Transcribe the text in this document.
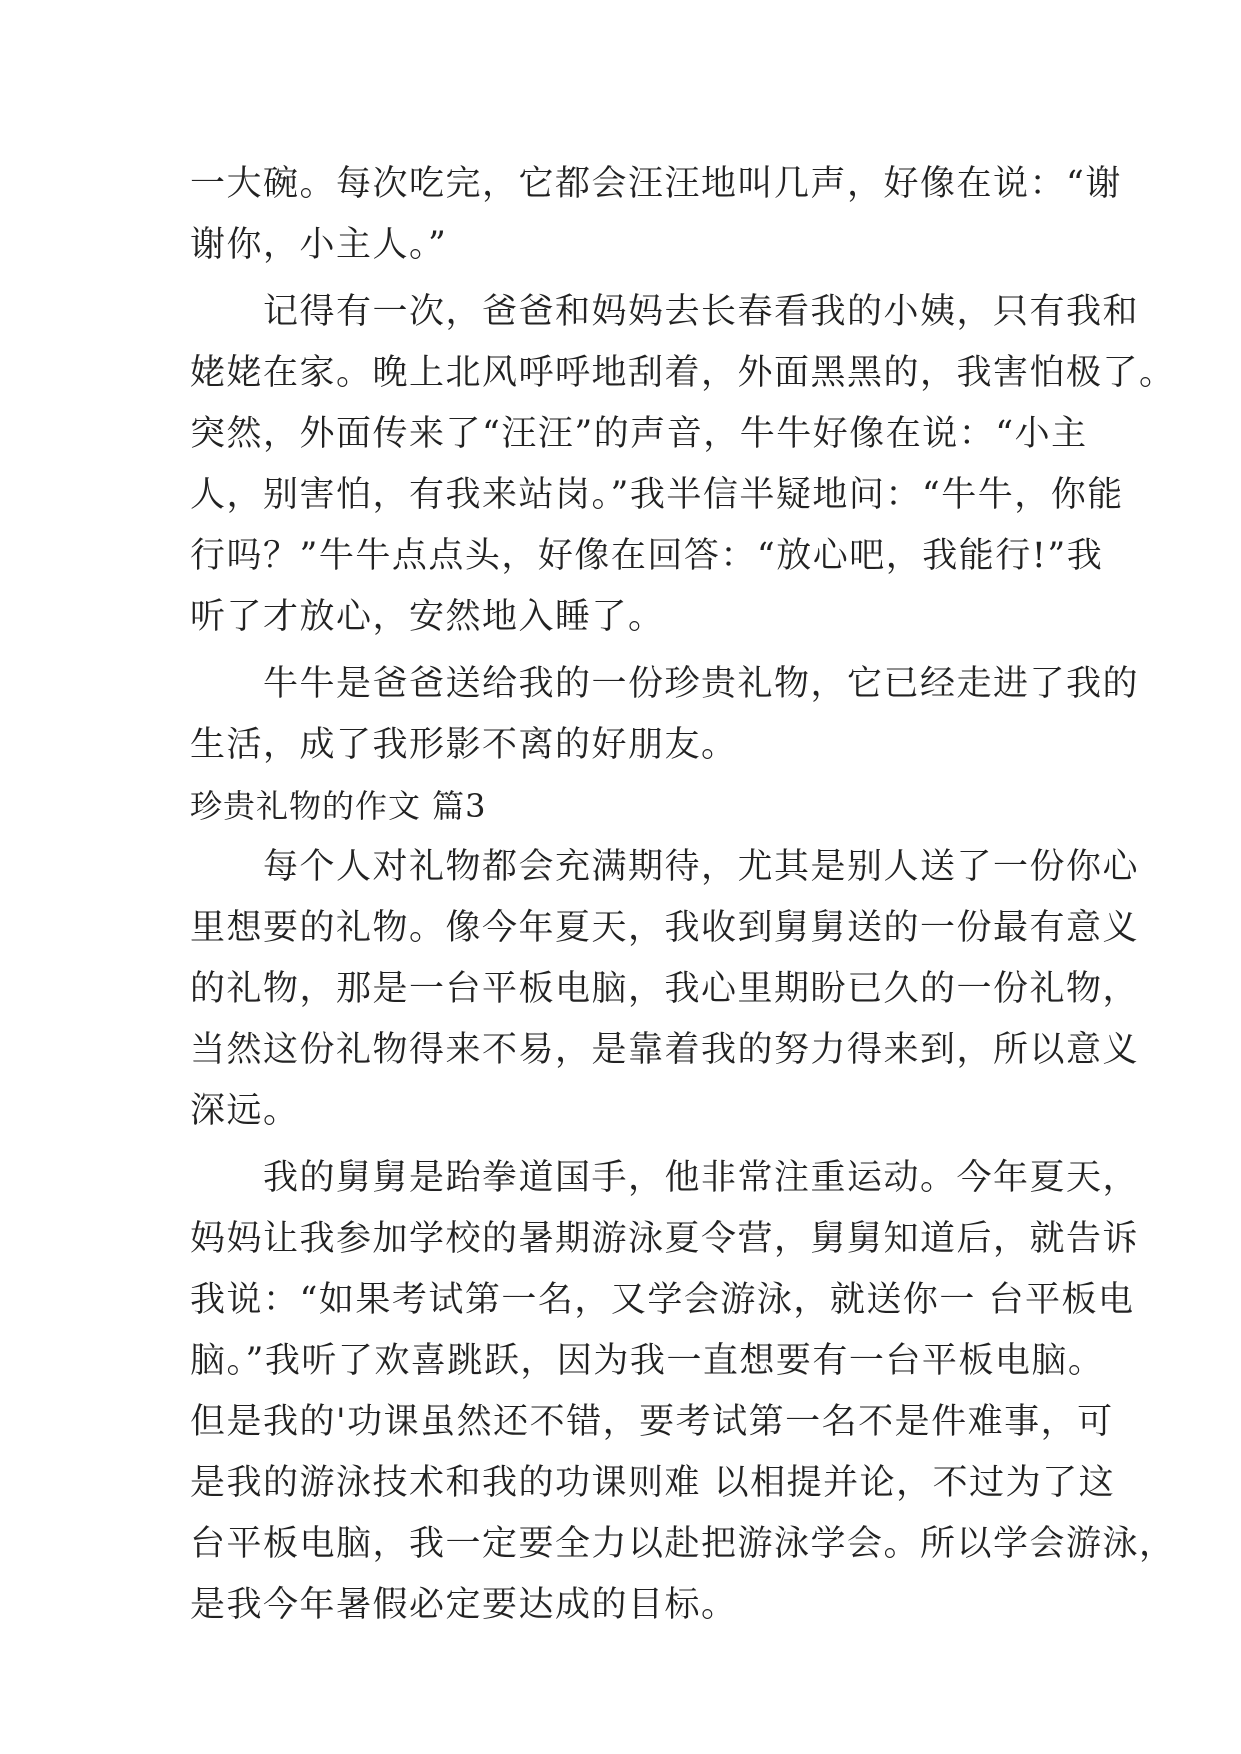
一大碗。每次吃完，它都会汪汪地叫几声，好像在说：“谢
谢你，小主人。”
　　记得有一次，爸爸和妈妈去长春看我的小姨，只有我和
姥姥在家。晚上北风呼呼地刮着，外面黑黑的，我害怕极了。
突然，外面传来了“汪汪”的声音，牛牛好像在说：“小主
人，别害怕，有我来站岗。”我半信半疑地问：“牛牛，你能
行吗？”牛牛点点头，好像在回答：“放心吧，我能行!”我
听了才放心，安然地入睡了。
　　牛牛是爸爸送给我的一份珍贵礼物，它已经走进了我的
生活，成了我形影不离的好朋友。
珍贵礼物的作文 篇3
　　每个人对礼物都会充满期待，尤其是别人送了一份你心
里想要的礼物。像今年夏天，我收到舅舅送的一份最有意义
的礼物，那是一台平板电脑，我心里期盼已久的一份礼物，
当然这份礼物得来不易，是靠着我的努力得来到，所以意义
深远。
　　我的舅舅是跆拳道国手，他非常注重运动。今年夏天，
妈妈让我参加学校的暑期游泳夏令营，舅舅知道后，就告诉
我说：“如果考试第一名，又学会游泳，就送你一 台平板电
脑。”我听了欢喜跳跃，因为我一直想要有一台平板电脑。
但是我的'功课虽然还不错，要考试第一名不是件难事，可
是我的游泳技术和我的功课则难 以相提并论，不过为了这
台平板电脑，我一定要全力以赴把游泳学会。所以学会游泳，
是我今年暑假必定要达成的目标。
